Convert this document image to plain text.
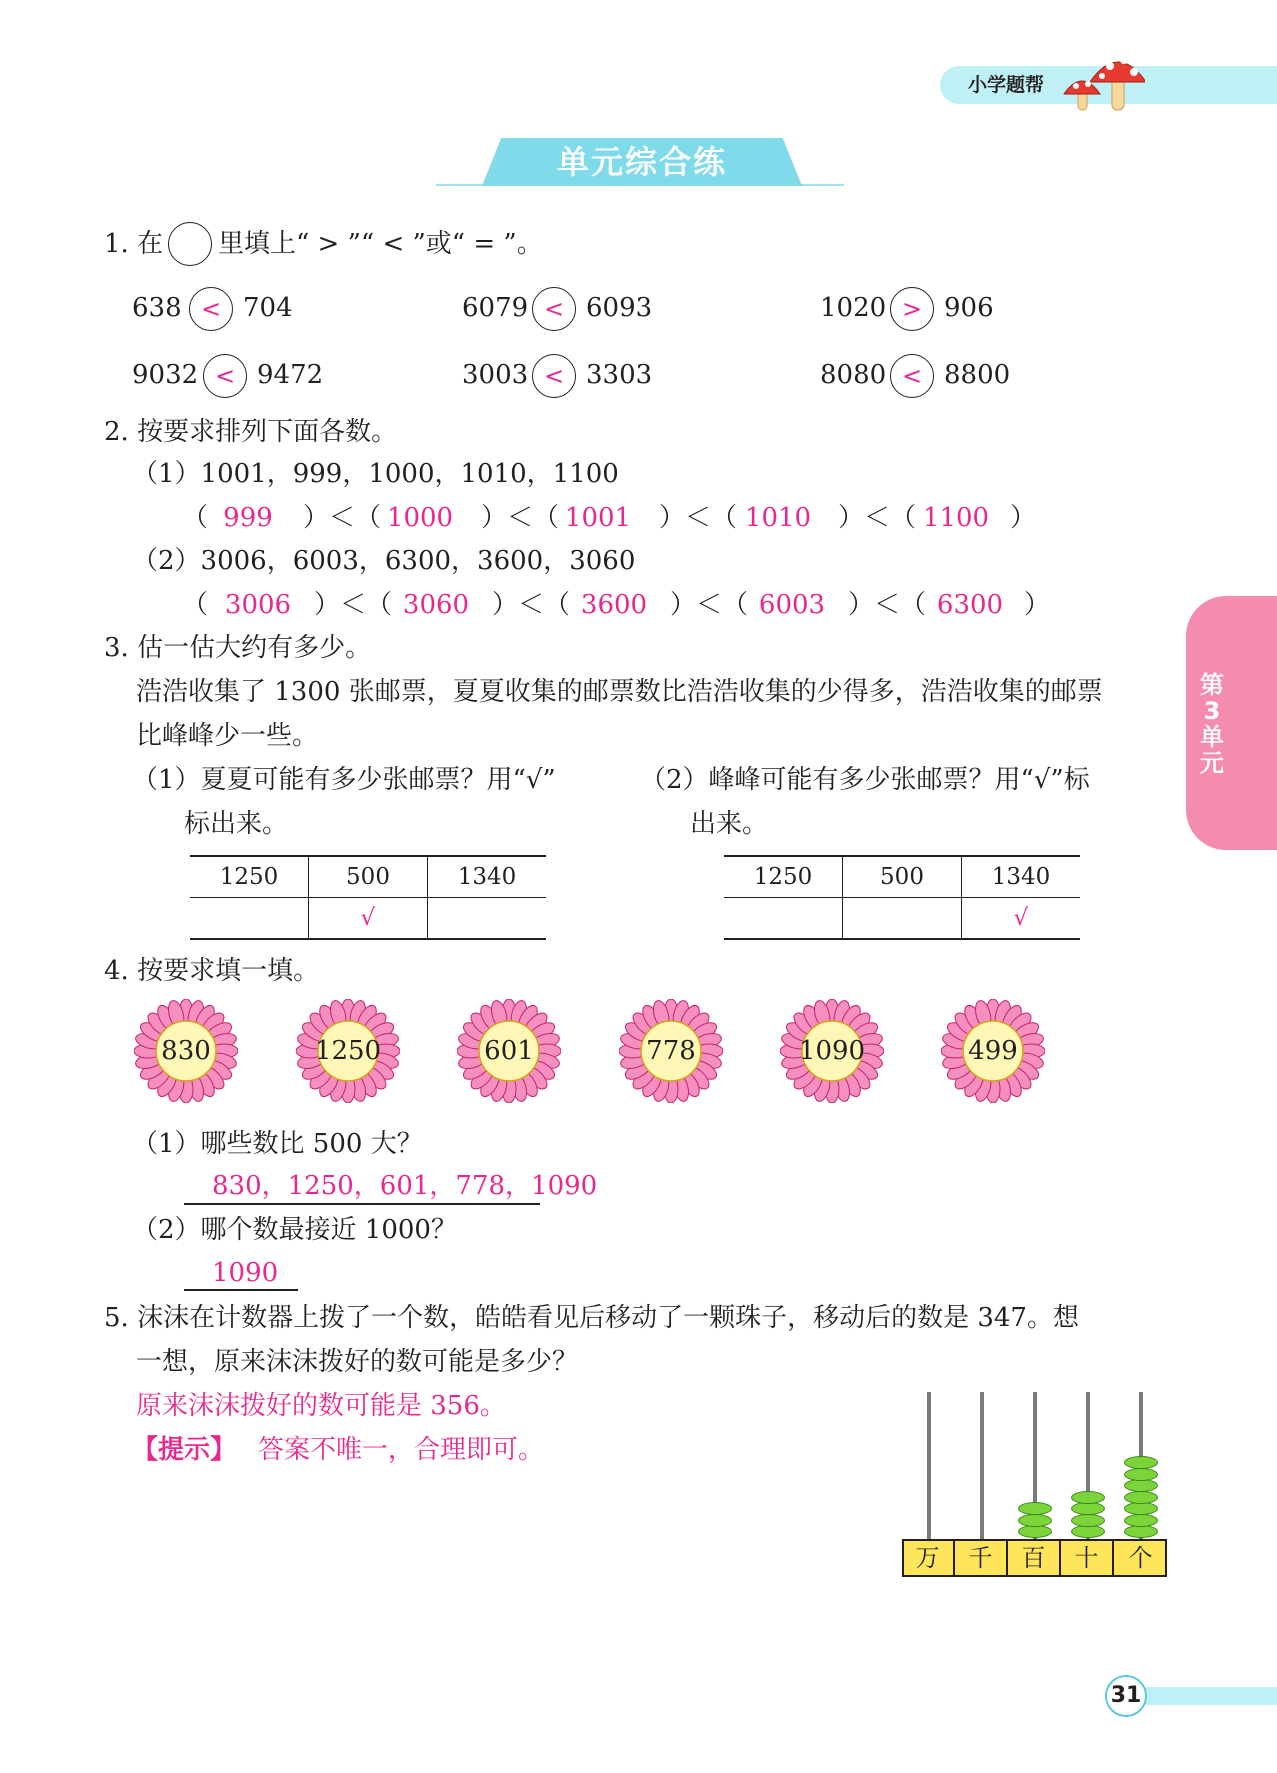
小学题帮
单元综合练
第
3
单
元
1. 在 里填上“ > ”“ < ”或“ = ”。
638 < 704	6079 < 6093	1020 > 906
9032 < 9472	3003 < 3303	8080 < 8800
2. 按要求排列下面各数。
（1）1001，999，1000，1010，1100
（ 999	）＜（ 1000 ）＜（ 1001 ）＜（ 1010 ）＜（ 1100 ）
（2）3006，6003，6300，3600，3060
（ 3006 ）＜（ 3060 ）＜（ 3600 ）＜（ 6003 ）＜（ 6300 ）
3. 估一估大约有多少。
浩浩收集了 1300 张邮票，夏夏收集的邮票数比浩浩收集的少得多，浩浩收集的邮票
比峰峰少一些。
（1）夏夏可能有多少张邮票？用“√”
标出来。
（2）峰峰可能有多少张邮票？用“√”标
出来。
1250	500	1340
	√	
1250	500	1340
		√
4. 按要求填一填。
830	1250	601	778	1090	499
（1）哪些数比 500 大？
830，1250，601，778，1090
（2）哪个数最接近 1000？
1090
5. 沫沫在计数器上拨了一个数，皓皓看见后移动了一颗珠子，移动后的数是 347。想
一想，原来沫沫拨好的数可能是多少？
原来沫沫拨好的数可能是 356。
【提示】 答案不唯一，合理即可。
万	千	百	十	个
31
